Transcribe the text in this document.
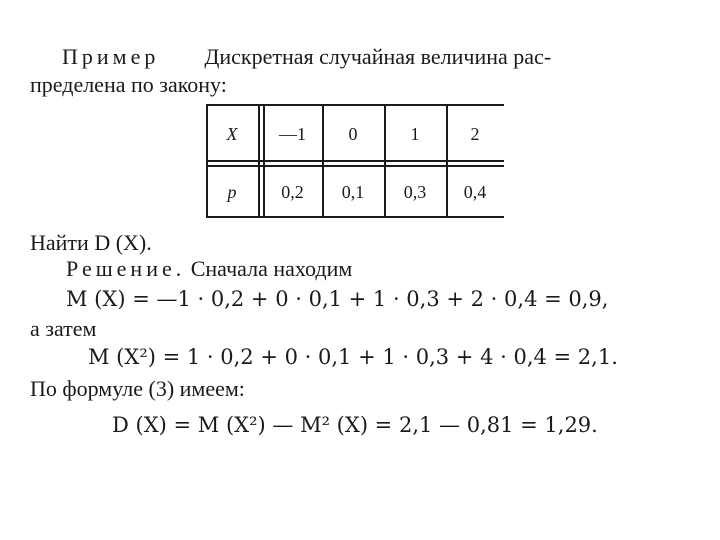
Пример Дискретная случайная величина рас-
пределена по закону:
X	—1	0	1	2
p	0,2	0,1	0,3	0,4
Найти D (X).
Решение. Сначала находим
M (X) = —1 · 0,2 + 0 · 0,1 + 1 · 0,3 + 2 · 0,4 = 0,9,
а затем
M (X²) = 1 · 0,2 + 0 · 0,1 + 1 · 0,3 + 4 · 0,4 = 2,1.
По формуле (3) имеем:
D (X) = M (X²) — M² (X) = 2,1 — 0,81 = 1,29.
